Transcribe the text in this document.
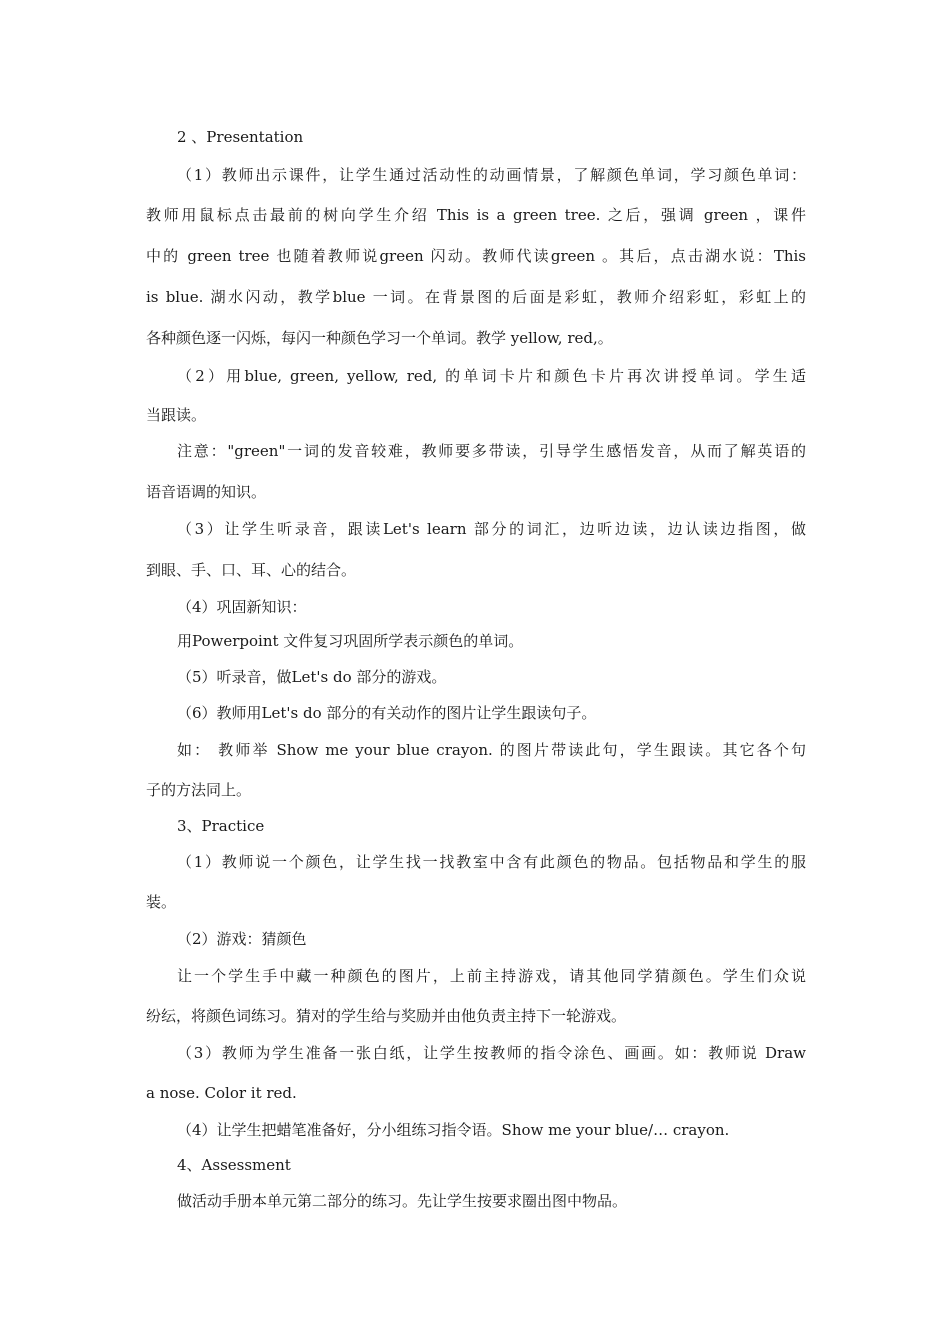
2 、Presentation
（1）教师出示课件，让学生通过活动性的动画情景，了解颜色单词，学习颜色单词：
教师用鼠标点击最前的树向学生介绍 This is a green tree. 之后，强调 green ，课件
中的 green tree 也随着教师说green 闪动。教师代读green 。其后，点击湖水说：This
is blue. 湖水闪动，教学blue 一词。在背景图的后面是彩虹，教师介绍彩虹，彩虹上的
各种颜色逐一闪烁，每闪一种颜色学习一个单词。教学 yellow, red,。
（2）用blue, green, yellow, red, 的单词卡片和颜色卡片再次讲授单词。学生适
当跟读。
注意："green"一词的发音较难，教师要多带读，引导学生感悟发音，从而了解英语的
语音语调的知识。
（3）让学生听录音，跟读Let's learn 部分的词汇，边听边读，边认读边指图，做
到眼、手、口、耳、心的结合。
（4）巩固新知识：
用Powerpoint 文件复习巩固所学表示颜色的单词。
（5）听录音，做Let's do 部分的游戏。
（6）教师用Let's do 部分的有关动作的图片让学生跟读句子。
如： 教师举 Show me your blue crayon. 的图片带读此句，学生跟读。其它各个句
子的方法同上。
3、Practice
（1）教师说一个颜色，让学生找一找教室中含有此颜色的物品。包括物品和学生的服
装。
（2）游戏：猜颜色
让一个学生手中藏一种颜色的图片，上前主持游戏，请其他同学猜颜色。学生们众说
纷纭，将颜色词练习。猜对的学生给与奖励并由他负责主持下一轮游戏。
（3）教师为学生准备一张白纸，让学生按教师的指令涂色、画画。如：教师说 Draw
a nose. Color it red.
（4）让学生把蜡笔准备好，分小组练习指令语。Show me your blue/… crayon.
4、Assessment
做活动手册本单元第二部分的练习。先让学生按要求圈出图中物品。
